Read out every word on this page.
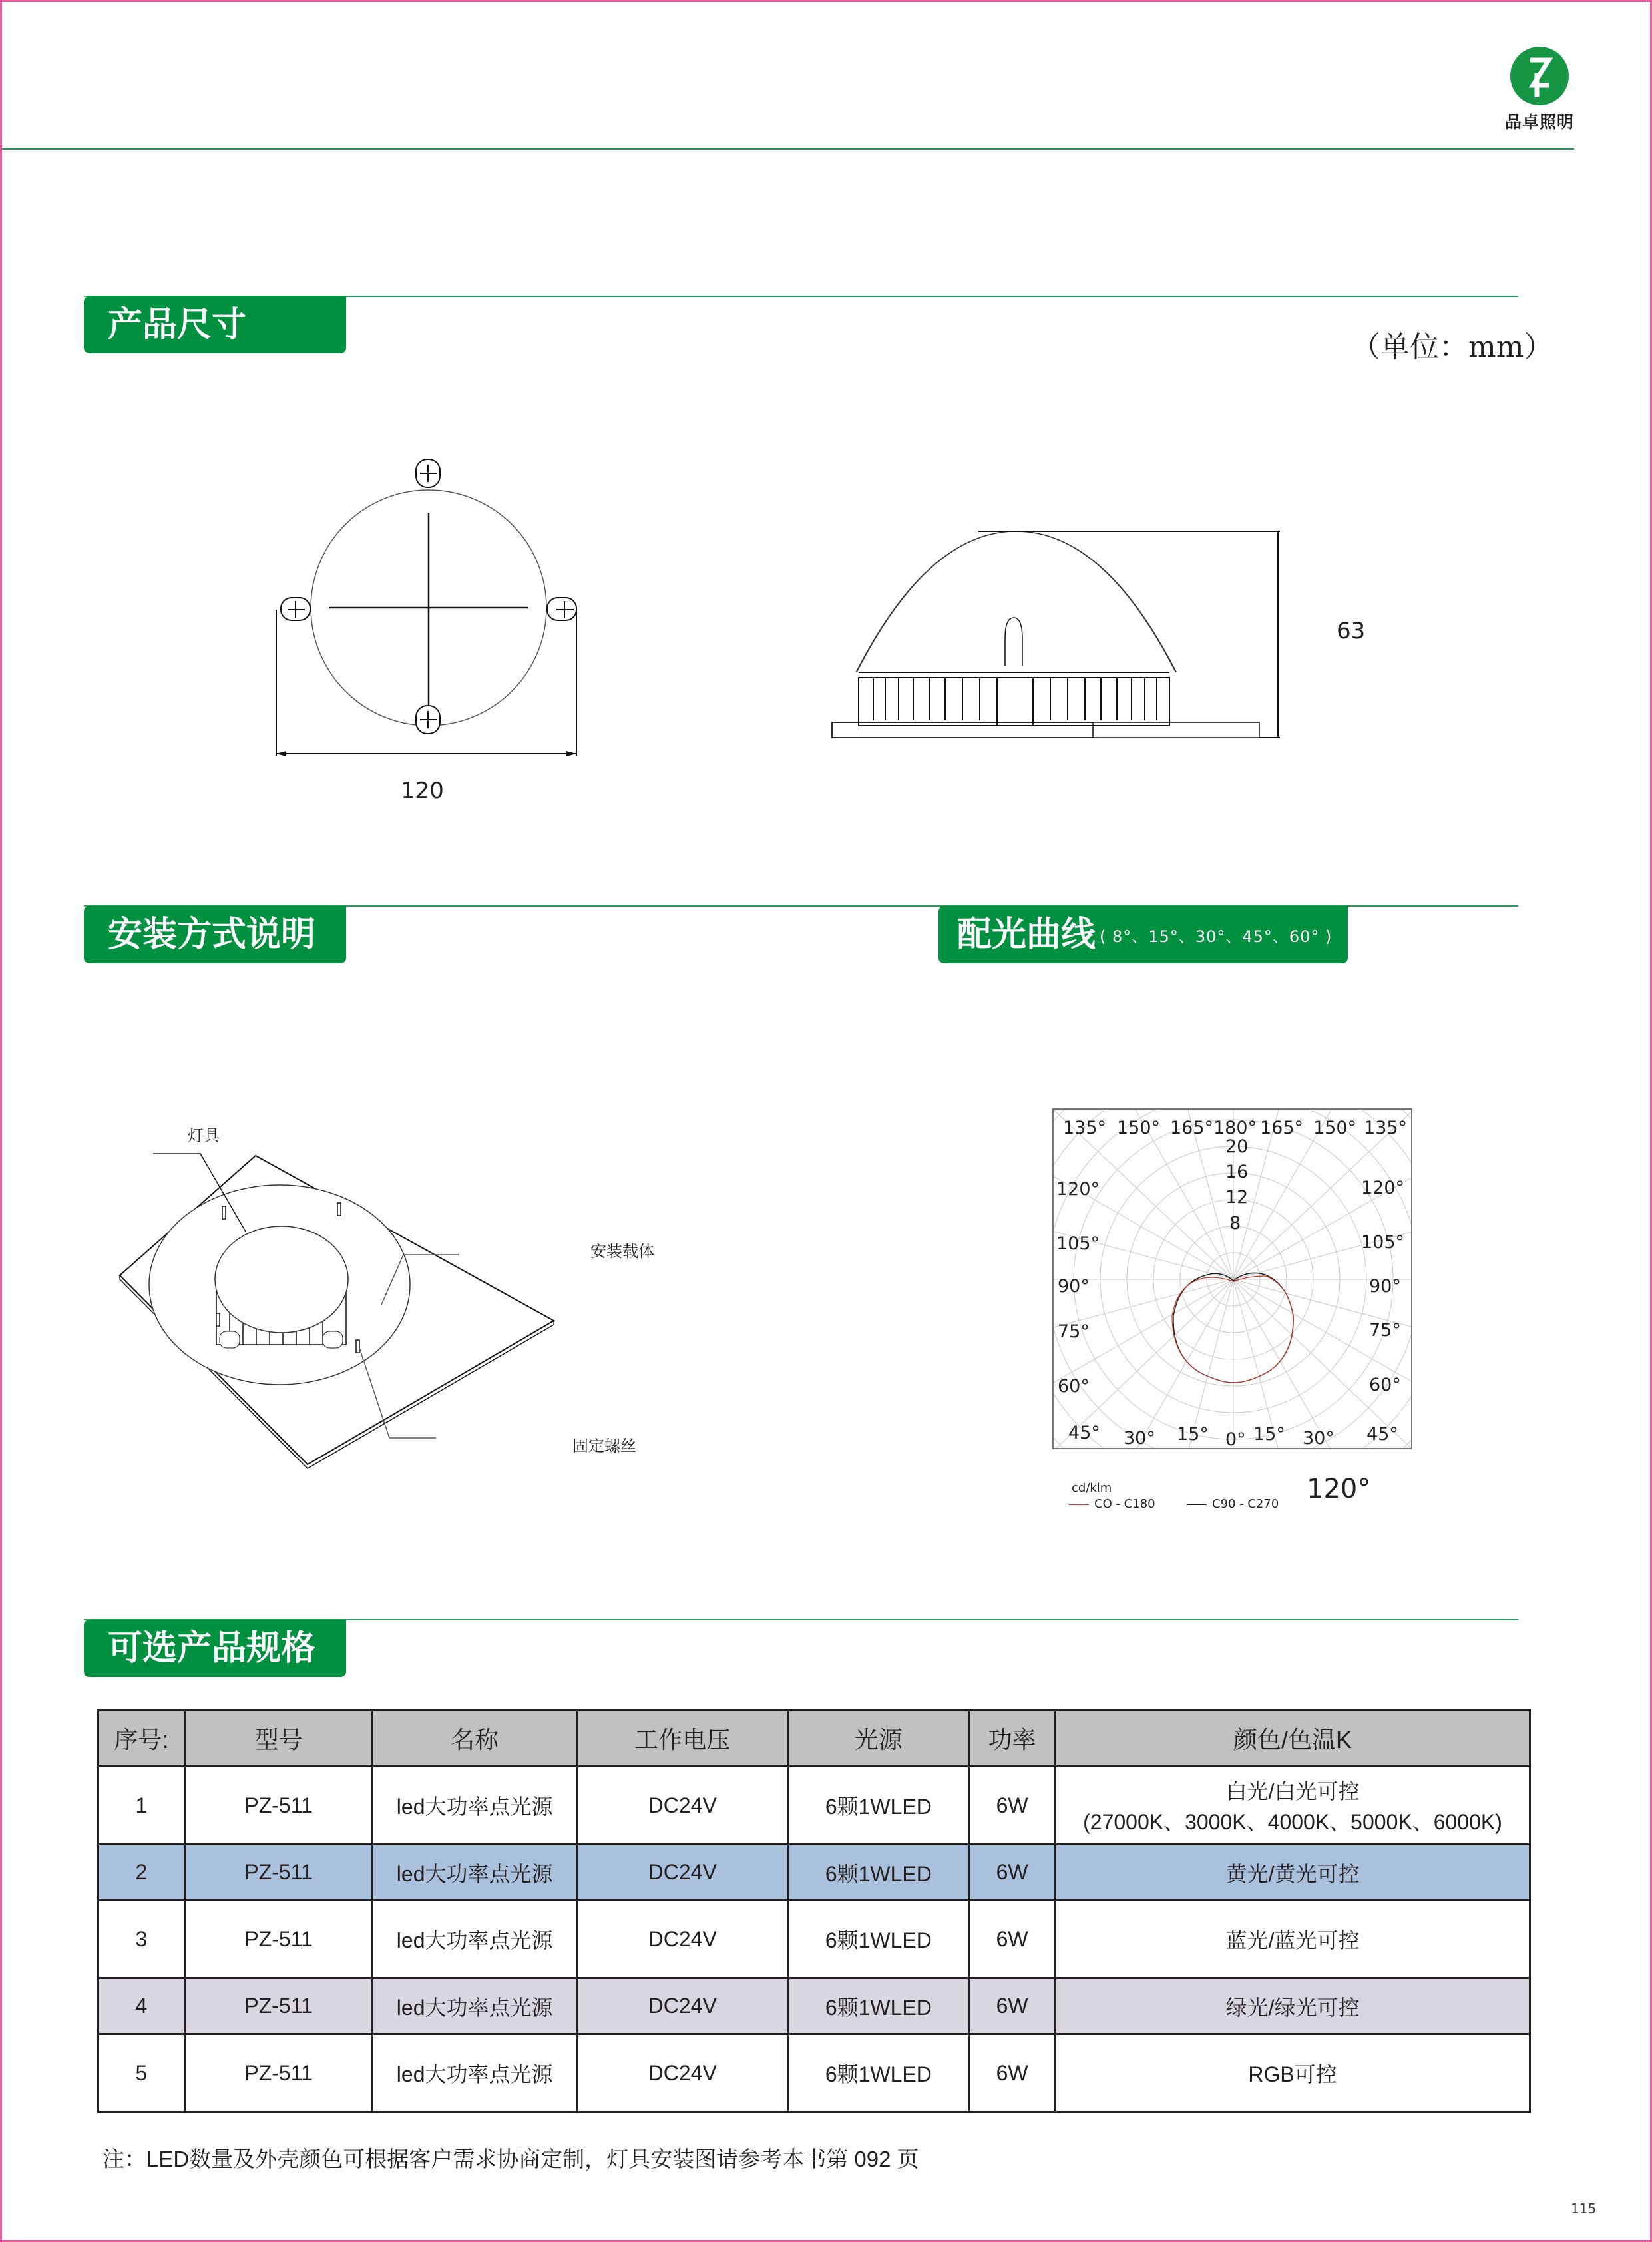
品卓照明
产品尺寸
（单位：mm）
120
63
安装方式说明	配光曲线 ( 8°、15°、30°、45°、60° )
灯具
安装载体
固定螺丝
135° 150° 165° 180° 165° 150° 135°
20
16
12
8
120°
105°
90°
75°
60°
45°
120°
105°
90°
75°
60°
45°
30° 15° 0° 15° 30°
cd/klm
CO - C180	C90 - C270 120°
可选产品规格
序号:	型号	名称	工作电压	光源	功率	颜色/色温K
1	PZ-511	led大功率点光源	DC24V	6颗1WLED	6W	白光/白光可控
(27000K、3000K、4000K、5000K、6000K)

2	PZ-511	led大功率点光源	DC24V	6颗1WLED	6W	黄光/黄光可控
3	PZ-511	led大功率点光源	DC24V	6颗1WLED	6W	蓝光/蓝光可控
4	PZ-511	led大功率点光源	DC24V	6颗1WLED	6W	绿光/绿光可控
5	PZ-511	led大功率点光源	DC24V	6颗1WLED	6W	RGB可控
注：LED数量及外壳颜色可根据客户需求协商定制，灯具安装图请参考本书第 092 页
115
